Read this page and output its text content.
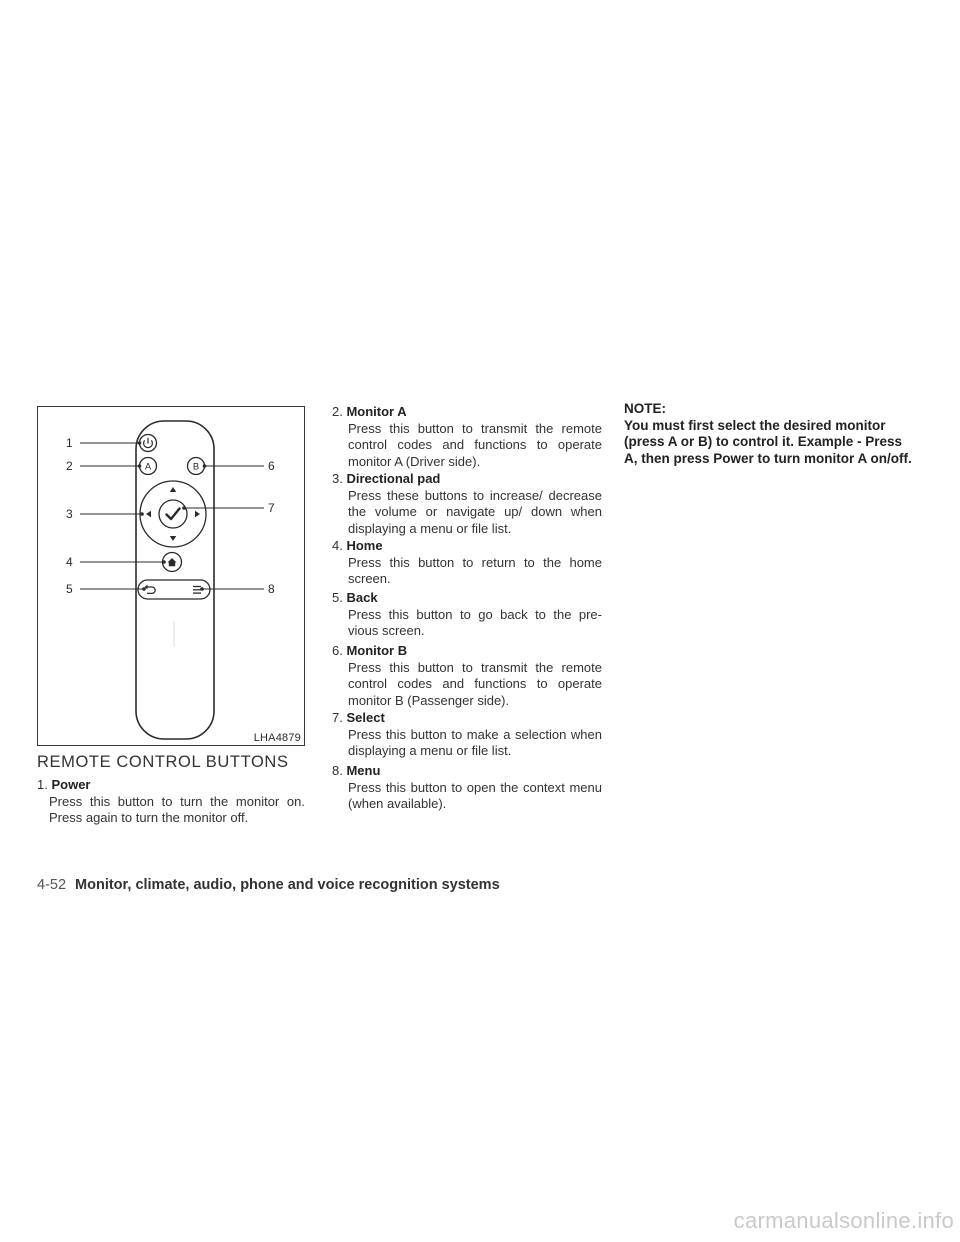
A	B
1
2
3
4
5
6
7
8
LHA4879
REMOTE CONTROL BUTTONS
1. Power
Press this button to turn the monitor on. Press again to turn the monitor off.
2. Monitor A
Press this button to transmit the remote control codes and functions to operate monitor A (Driver side).
3. Directional pad
Press these buttons to increase/ decrease the volume or navigate up/ down when displaying a menu or file list.
4. Home
Press this button to return to the home screen.
5. Back
Press this button to go back to the pre- vious screen.
6. Monitor B
Press this button to transmit the remote control codes and functions to operate monitor B (Passenger side).
7. Select
Press this button to make a selection when displaying a menu or file list.
8. Menu
Press this button to open the context menu (when available).
NOTE:
You must first select the desired monitor (press A or B) to control it. Example - Press A, then press Power to turn monitor A on/off.
4-52 Monitor, climate, audio, phone and voice recognition systems
carmanualsonline.info
